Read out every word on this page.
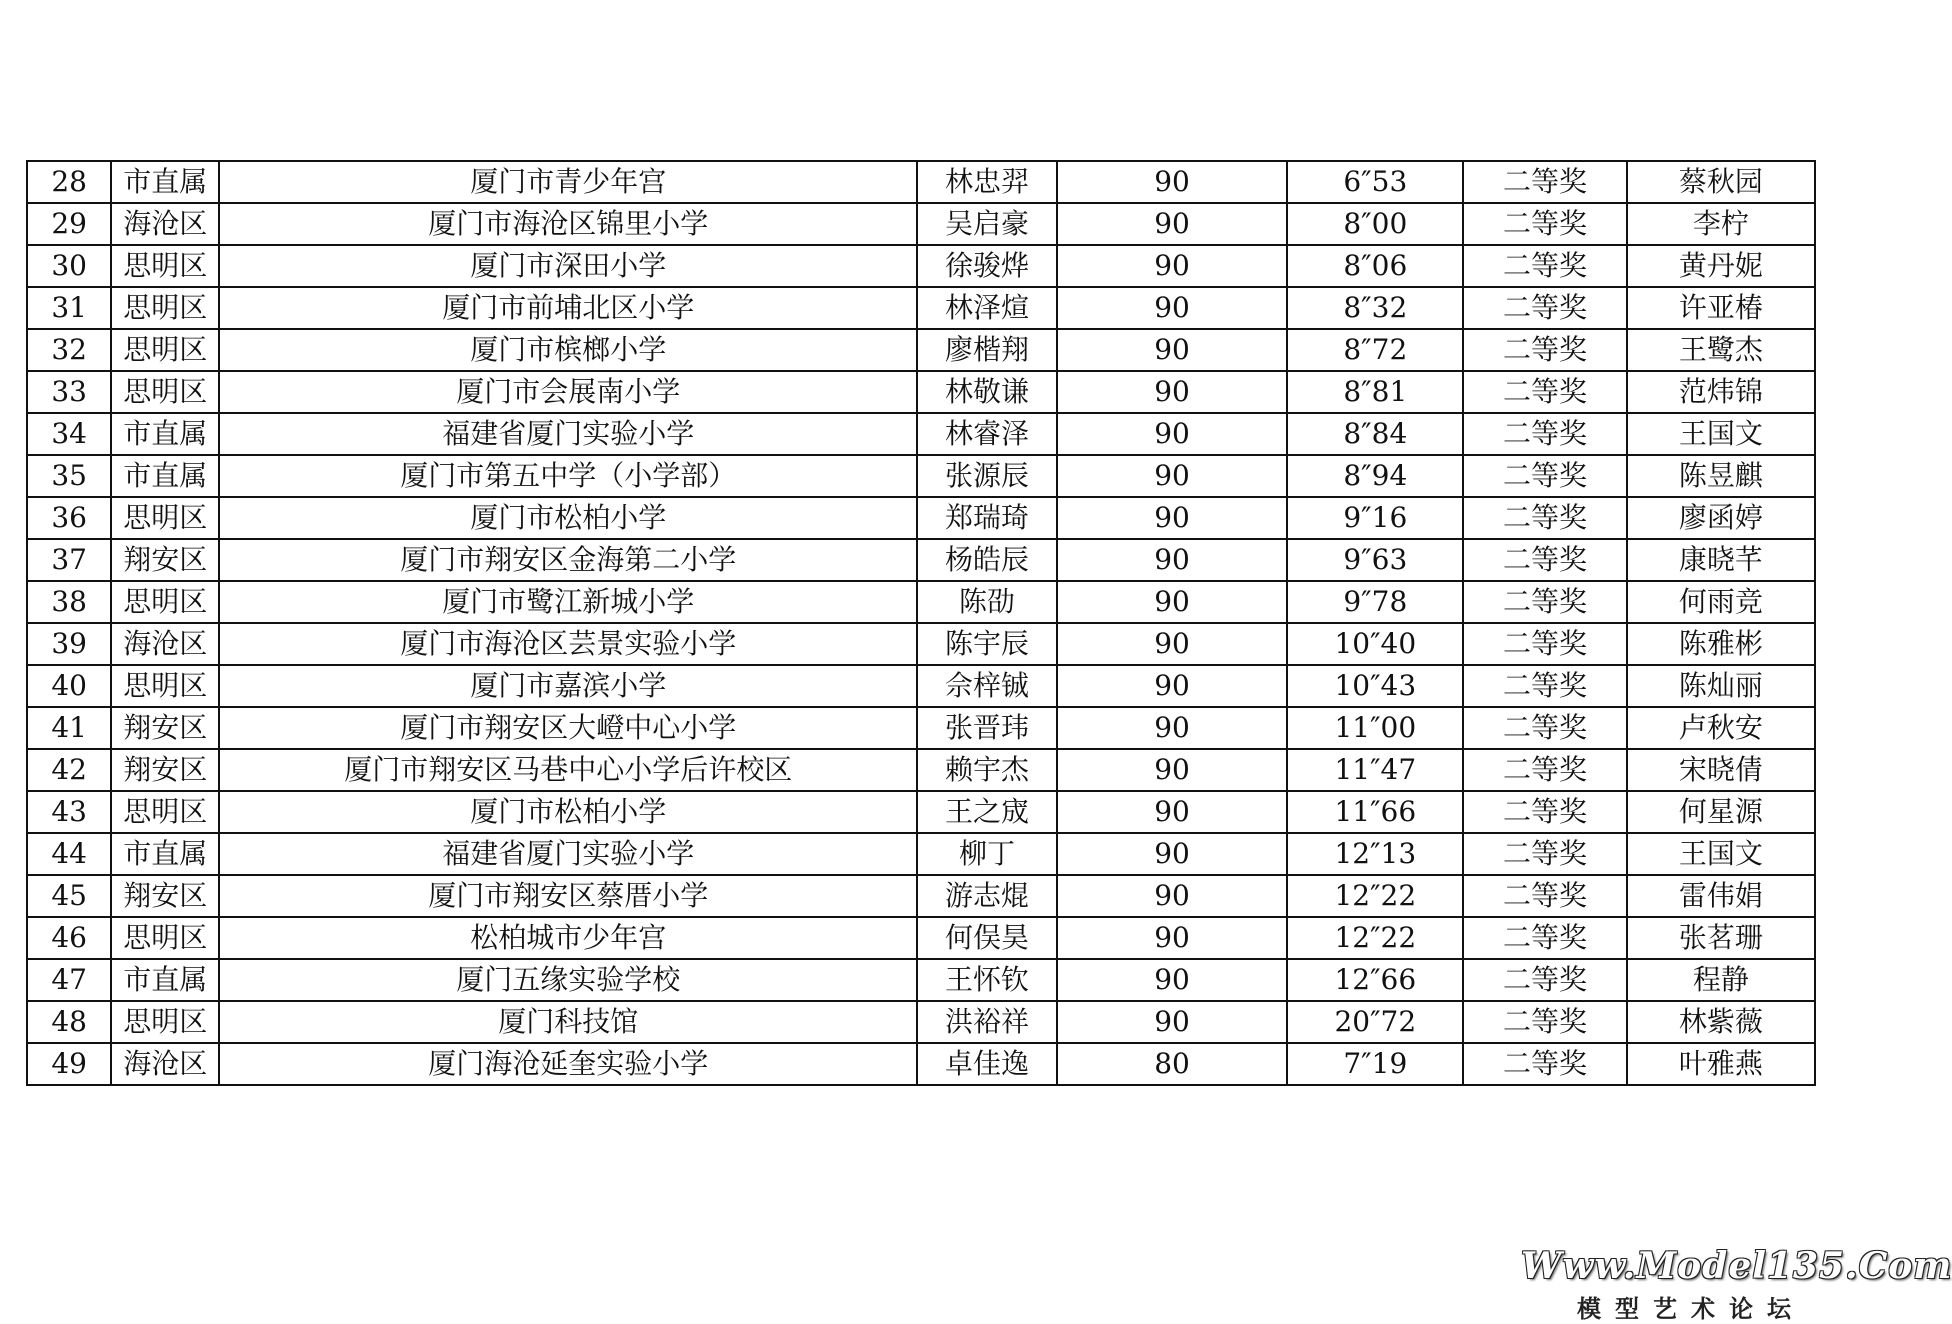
28	市直属	厦门市青少年宫	林忠羿	90	6″53	二等奖	蔡秋园
29	海沧区	厦门市海沧区锦里小学	吴启豪	90	8″00	二等奖	李柠
30	思明区	厦门市深田小学	徐骏烨	90	8″06	二等奖	黄丹妮
31	思明区	厦门市前埔北区小学	林泽煊	90	8″32	二等奖	许亚椿
32	思明区	厦门市槟榔小学	廖楷翔	90	8″72	二等奖	王鹭杰
33	思明区	厦门市会展南小学	林敬谦	90	8″81	二等奖	范炜锦
34	市直属	福建省厦门实验小学	林睿泽	90	8″84	二等奖	王国文
35	市直属	厦门市第五中学（小学部）	张源辰	90	8″94	二等奖	陈昱麒
36	思明区	厦门市松柏小学	郑瑞琦	90	9″16	二等奖	廖函婷
37	翔安区	厦门市翔安区金海第二小学	杨皓辰	90	9″63	二等奖	康晓芊
38	思明区	厦门市鹭江新城小学	陈劭	90	9″78	二等奖	何雨竞
39	海沧区	厦门市海沧区芸景实验小学	陈宇辰	90	10″40	二等奖	陈雅彬
40	思明区	厦门市嘉滨小学	佘梓铖	90	10″43	二等奖	陈灿丽
41	翔安区	厦门市翔安区大嶝中心小学	张晋玮	90	11″00	二等奖	卢秋安
42	翔安区	厦门市翔安区马巷中心小学后许校区	赖宇杰	90	11″47	二等奖	宋晓倩
43	思明区	厦门市松柏小学	王之宬	90	11″66	二等奖	何星源
44	市直属	福建省厦门实验小学	柳丁	90	12″13	二等奖	王国文
45	翔安区	厦门市翔安区蔡厝小学	游志焜	90	12″22	二等奖	雷伟娟
46	思明区	松柏城市少年宫	何俣昊	90	12″22	二等奖	张茗珊
47	市直属	厦门五缘实验学校	王怀钦	90	12″66	二等奖	程静
48	思明区	厦门科技馆	洪裕祥	90	20″72	二等奖	林紫薇
49	海沧区	厦门海沧延奎实验小学	卓佳逸	80	7″19	二等奖	叶雅燕
Www.Model135.Com
模型艺术论坛
